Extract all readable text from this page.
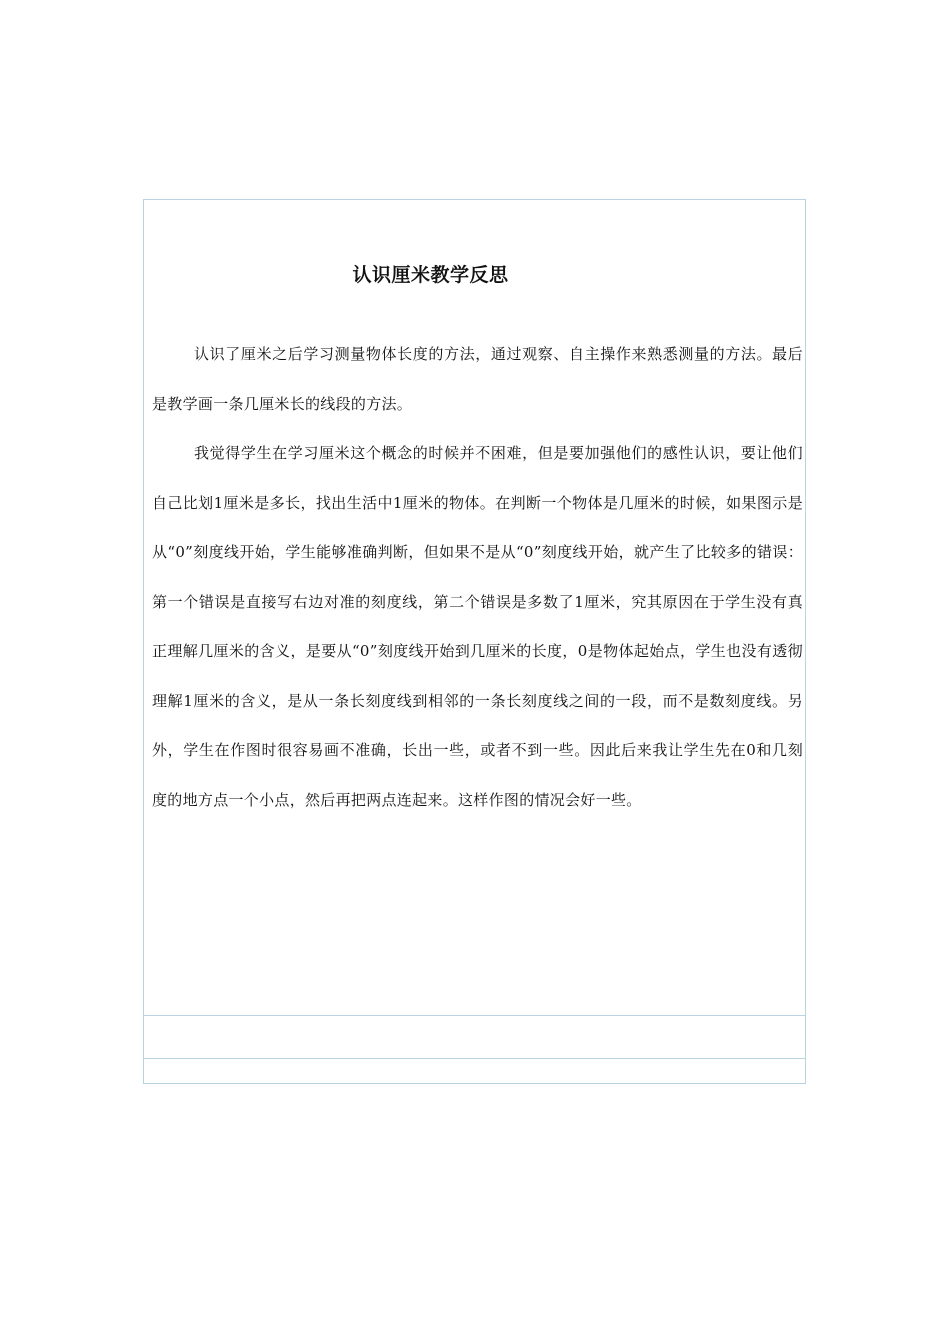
认识厘米教学反思

认识了厘米之后学习测量物体长度的方法，通过观察、自主操作来熟悉测量的方法。最后是教学画一条几厘米长的线段的方法。

我觉得学生在学习厘米这个概念的时候并不困难，但是要加强他们的感性认识，要让他们自己比划1厘米是多长，找出生活中1厘米的物体。在判断一个物体是几厘米的时候，如果图示是从“0”刻度线开始，学生能够准确判断，但如果不是从“0”刻度线开始，就产生了比较多的错误：第一个错误是直接写右边对准的刻度线，第二个错误是多数了1厘米，究其原因在于学生没有真正理解几厘米的含义，是要从“0”刻度线开始到几厘米的长度，0是物体起始点，学生也没有透彻理解1厘米的含义，是从一条长刻度线到相邻的一条长刻度线之间的一段，而不是数刻度线。另外，学生在作图时很容易画不准确，长出一些，或者不到一些。因此后来我让学生先在0和几刻度的地方点一个小点，然后再把两点连起来。这样作图的情况会好一些。
